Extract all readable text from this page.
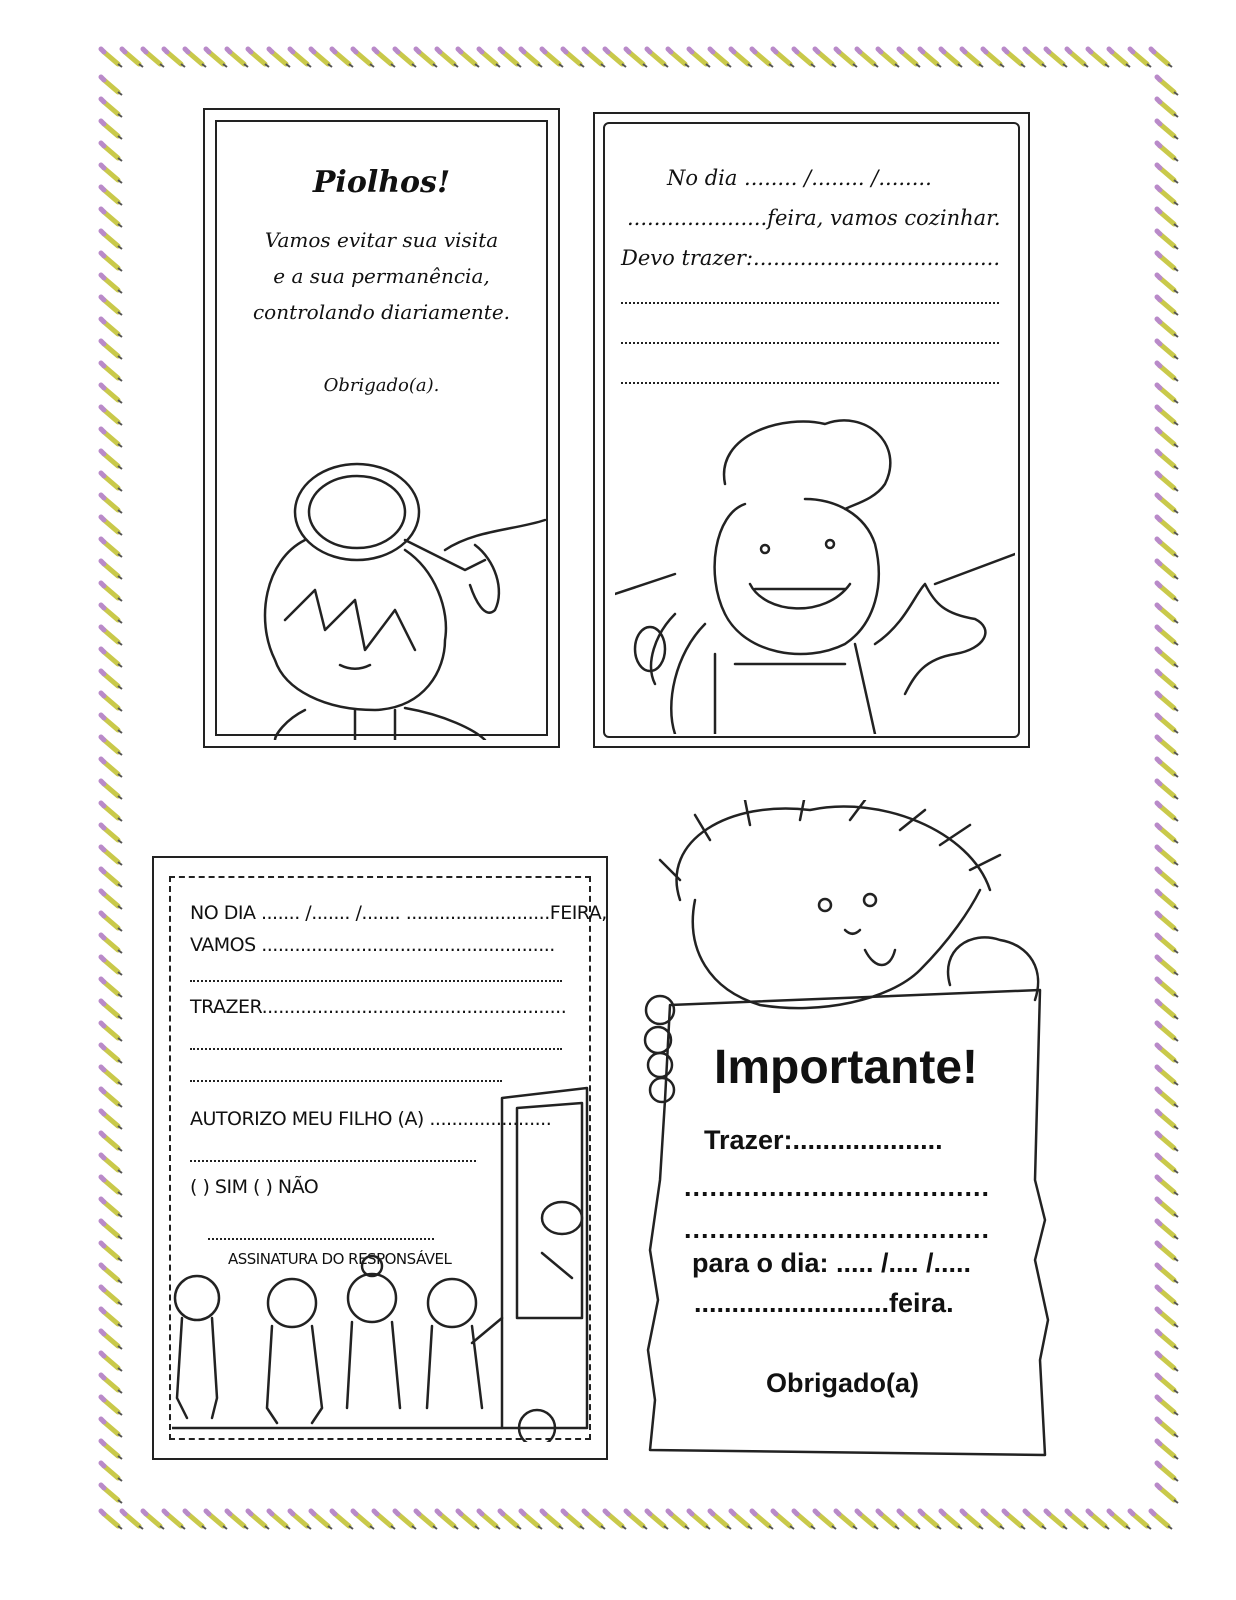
Piolhos!
Vamos evitar sua visita
e a sua permanência,
controlando diariamente.
Obrigado(a).
No dia ........ /........ /........
.....................feira, vamos cozinhar.
Devo trazer:.....................................
NO DIA ....... /....... /....... ..........................FEIRA,
VAMOS .....................................................
TRAZER.......................................................
AUTORIZO MEU FILHO (A) ......................
( ) SIM ( ) NÃO
ASSINATURA DO RESPONSÁVEL
Importante!
Trazer:....................
....................................
....................................
para o dia: ..... /.... /.....
..........................feira.
Obrigado(a)
